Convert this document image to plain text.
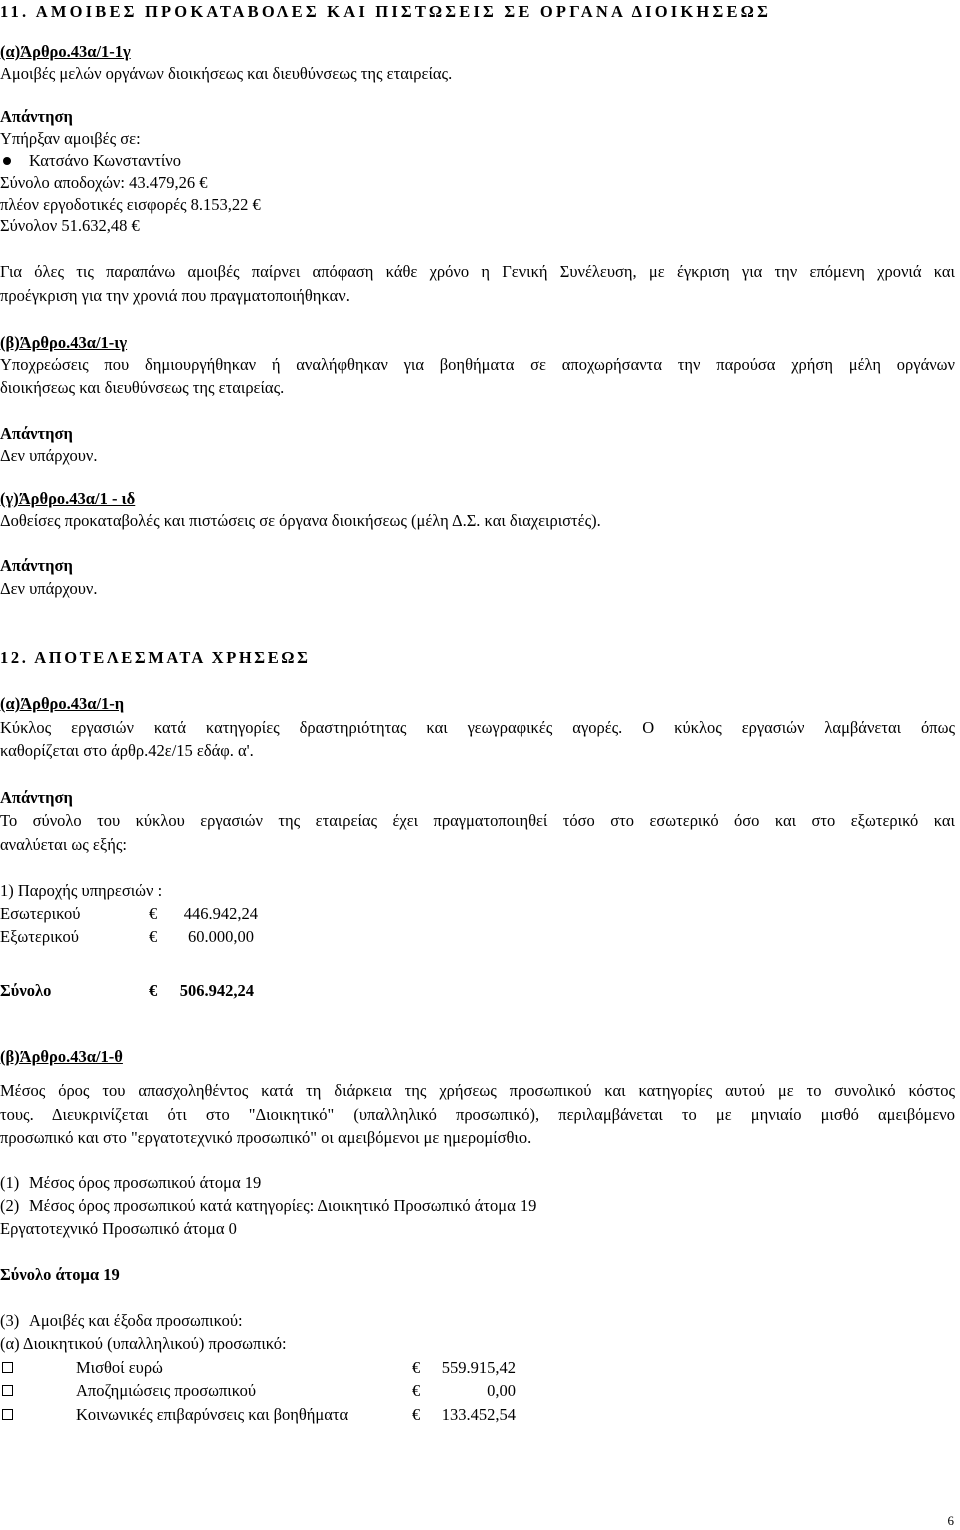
11. ΑΜΟΙΒΕΣ ΠΡΟΚΑΤΑΒΟΛΕΣ ΚΑΙ ΠΙΣΤΩΣΕΙΣ ΣΕ ΟΡΓΑΝΑ ΔΙΟΙΚΗΣΕΩΣ
(α)Άρθρο.43α/1-1γ
Αμοιβές μελών οργάνων διοικήσεως και διευθύνσεως της εταιρείας.
Απάντηση
Υπήρξαν αμοιβές σε:
Κατσάνο Κωνσταντίνο
Σύνολο αποδοχών: 43.479,26 €
πλέον εργοδοτικές εισφορές 8.153,22 €
Σύνολον 51.632,48 €
Για όλες τις παραπάνω αμοιβές παίρνει απόφαση κάθε χρόνο η Γενική Συνέλευση, με έγκριση για την επόμενη χρονιά και
προέγκριση για την χρονιά που πραγματοποιήθηκαν.
(β)Άρθρο.43α/1-ιγ
Υποχρεώσεις που δημιουργήθηκαν ή αναλήφθηκαν για βοηθήματα σε αποχωρήσαντα την παρούσα χρήση μέλη οργάνων
διοικήσεως και διευθύνσεως της εταιρείας.
Απάντηση
Δεν υπάρχουν.
(γ)Άρθρο.43α/1 - ιδ
Δοθείσες προκαταβολές και πιστώσεις σε όργανα διοικήσεως (μέλη Δ.Σ. και διαχειριστές).
Απάντηση
Δεν υπάρχουν.
12. ΑΠΟΤΕΛΕΣΜΑΤΑ ΧΡΗΣΕΩΣ
(α)Άρθρο.43α/1-η
Κύκλος εργασιών κατά κατηγορίες δραστηριότητας και γεωγραφικές αγορές. Ο κύκλος εργασιών λαμβάνεται όπως
καθορίζεται στο άρθρ.42ε/15 εδάφ. α'.
Απάντηση
Το σύνολο του κύκλου εργασιών της εταιρείας έχει πραγματοποιηθεί τόσο στο εσωτερικό όσο και στο εξωτερικό και
αναλύεται ως εξής:
1) Παροχής υπηρεσιών :
Εσωτερικού	€	446.942,24
Εξωτερικού	€	60.000,00
Σύνολο	€	506.942,24
(β)Άρθρο.43α/1-θ
Μέσος όρος του απασχοληθέντος κατά τη διάρκεια της χρήσεως προσωπικού και κατηγορίες αυτού με το συνολικό κόστος
τους. Διευκρινίζεται ότι στο "Διοικητικό" (υπαλληλικό προσωπικό), περιλαμβάνεται το με μηνιαίο μισθό αμειβόμενο
προσωπικό και στο "εργατοτεχνικό προσωπικό" οι αμειβόμενοι με ημερομίσθιο.
(1) Μέσος όρος προσωπικού άτομα 19
(2) Μέσος όρος προσωπικού κατά κατηγορίες: Διοικητικό Προσωπικό άτομα 19
Εργατοτεχνικό Προσωπικό άτομα 0
Σύνολο άτομα 19
(3) Αμοιβές και έξοδα προσωπικού:
(α) Διοικητικού (υπαλληλικού) προσωπικό:
Μισθοί ευρώ	€	559.915,42
Αποζημιώσεις προσωπικού	€	0,00
Κοινωνικές επιβαρύνσεις και βοηθήματα	€	133.452,54
6
